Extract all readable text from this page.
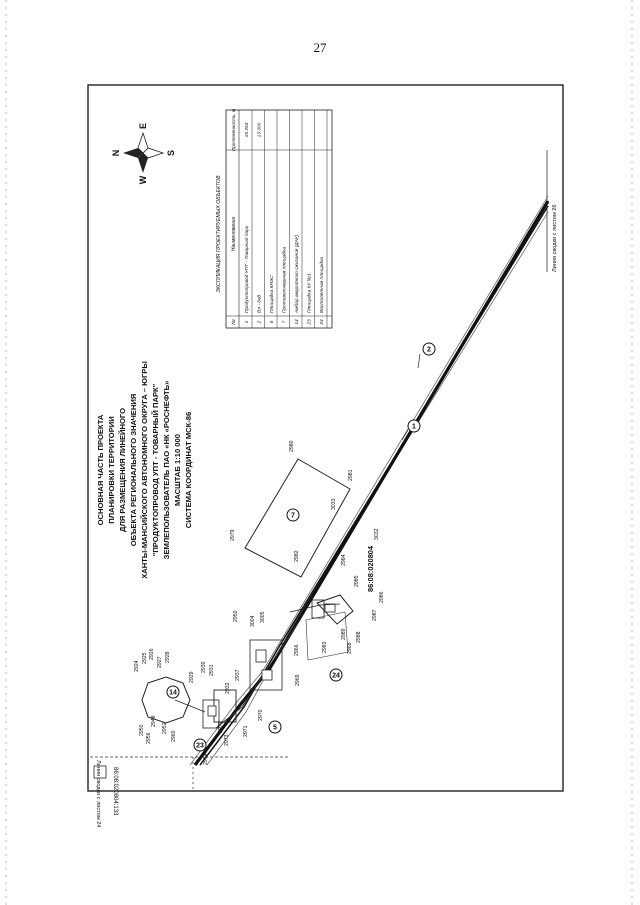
27
ОСНОВНАЯ ЧАСТЬ ПРОЕКТА ПЛАНИРОВКИ ТЕРРИТОРИИ ДЛЯ РАЗМЕЩЕНИЯ ЛИНЕЙНОГО ОБЪЕКТА РЕГИОНАЛЬНОГО ЗНАЧЕНИЯ ХАНТЫ-МАНСИЙСКОГО АВТОНОМНОГО ОКРУГА – ЮГРЫ "ПРОДУКТОПРОВОД УПТ - ТОВАРНЫЙ ПАРК" ЗЕМЛЕПОЛЬЗОВАТЕЛЬ ПАО «НК «РОСНЕФТЬ» МАСШТАБ 1:10 000 СИСТЕМА КООРДИНАТ МСК-86
N
E
S
W	ЭКСПЛИКАЦИЯ ПРОЕКТИРУЕМЫХ ОБЪЕКТОВ
№
Наименование
Протяженность, м
1
Продуктопровод УПТ - Товарный парк
15 253
2
Вл - 6кВ
13 000
5
Площадка КНЭС
7
Противопожарная площадка
14
Амбар аварийного сжигания (ДАУ)
23
Площадка КУ №1
24
Вертолетная площадка
Линия сводки с листом 24
Линия сводки с листом 26
86:08:020804:133
86:08:020804
14
23
5
24
7
1
2
2924
2925 2926
2927 2928
2950
2948
2952
2960
2956
2929
2930 2931
2932
2937
2972
2973
2971
2970
2974
2950 3004 3005
2966
2969
2968
2983
2989 2988
2987
2986
2985
2984
2979
2980
2981
2982
3032
3033
